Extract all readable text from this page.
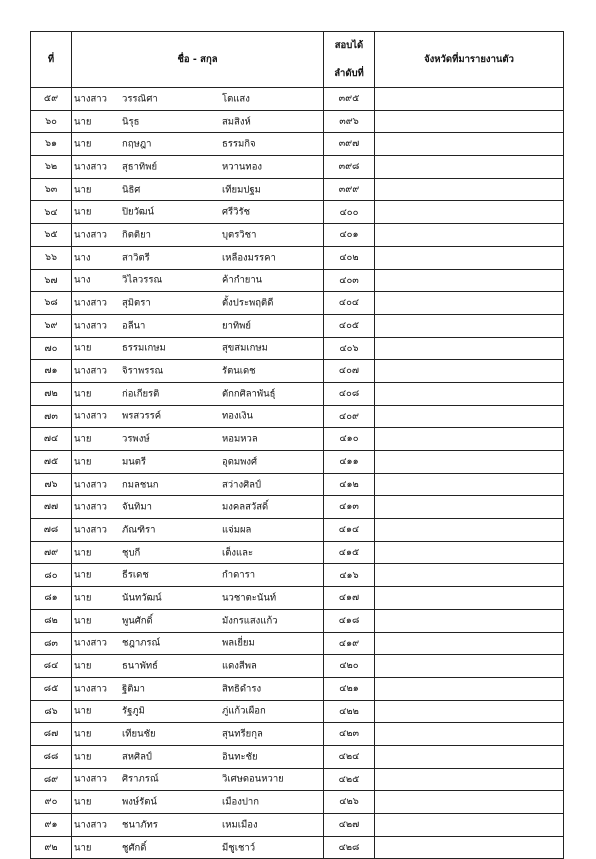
ที่	ชื่อ - สกุล	สอบได้
ลำดับที่	จังหวัดที่มารายงานตัว
๕๙	นางสาว วรรณิศา โตแสง	๓๙๕	
๖๐	นาย นิรุธ สมสิงห์	๓๙๖	
๖๑	นาย กฤษฎา ธรรมกิจ	๓๙๗	
๖๒	นางสาว สุธาทิพย์ หวานทอง	๓๙๘	
๖๓	นาย นิธิศ เทียมปฐม	๓๙๙	
๖๔	นาย ปิยวัฒน์ ศรีวิรัช	๔๐๐	
๖๕	นางสาว กิตติยา บุตรวิชา	๔๐๑	
๖๖	นาง สาวิตรี เหลืองมรรคา	๔๐๒	
๖๗	นาง วิไลวรรณ ค้ากำยาน	๔๐๓	
๖๘	นางสาว สุมิตรา ตั้งประพฤติดี	๔๐๔	
๖๙	นางสาว อลีนา ยาทิพย์	๔๐๕	
๗๐	นาย ธรรมเกษม สุขสมเกษม	๔๐๖	
๗๑	นางสาว จิราพรรณ รัตนเดช	๔๐๗	
๗๒	นาย ก่อเกียรติ ตักกศิลาพันธุ์	๔๐๘	
๗๓	นางสาว พรสวรรค์ ทองเงิน	๔๐๙	
๗๔	นาย วรพงษ์ หอมหวล	๔๑๐	
๗๕	นาย มนตรี อุดมพงศ์	๔๑๑	
๗๖	นางสาว กมลชนก สว่างศิลป์	๔๑๒	
๗๗	นางสาว จันทิมา มงคลสวัสดิ์	๔๑๓	
๗๘	นางสาว ภัณฑิรา แจ่มผล	๔๑๔	
๗๙	นาย ชุบกี เต็งและ	๔๑๕	
๘๐	นาย ธีรเดช กำดารา	๔๑๖	
๘๑	นาย นันทวัฒน์ นวชาตะนันท์	๔๑๗	
๘๒	นาย พูนศักดิ์ มังกรแสงแก้ว	๔๑๘	
๘๓	นางสาว ชฎาภรณ์ พลเยี่ยม	๔๑๙	
๘๔	นาย ธนาพัทธ์ แดงสีพล	๔๒๐	
๘๕	นางสาว ฐิติมา สิทธิดำรง	๔๒๑	
๘๖	นาย รัฐภูมิ ภู่แก้วเผือก	๔๒๒	
๘๗	นาย เทียนชัย สุนทรียกุล	๔๒๓	
๘๘	นาย สหศิลป์ อินทะชัย	๔๒๔	
๘๙	นางสาว ศิราภรณ์ วิเศษดอนหวาย	๔๒๕	
๙๐	นาย พงษ์รัตน์ เมืองปาก	๔๒๖	
๙๑	นางสาว ชนาภัทร เหมเมือง	๔๒๗	
๙๒	นาย ชูศักดิ์ มีชูเชาว์	๔๒๘	
